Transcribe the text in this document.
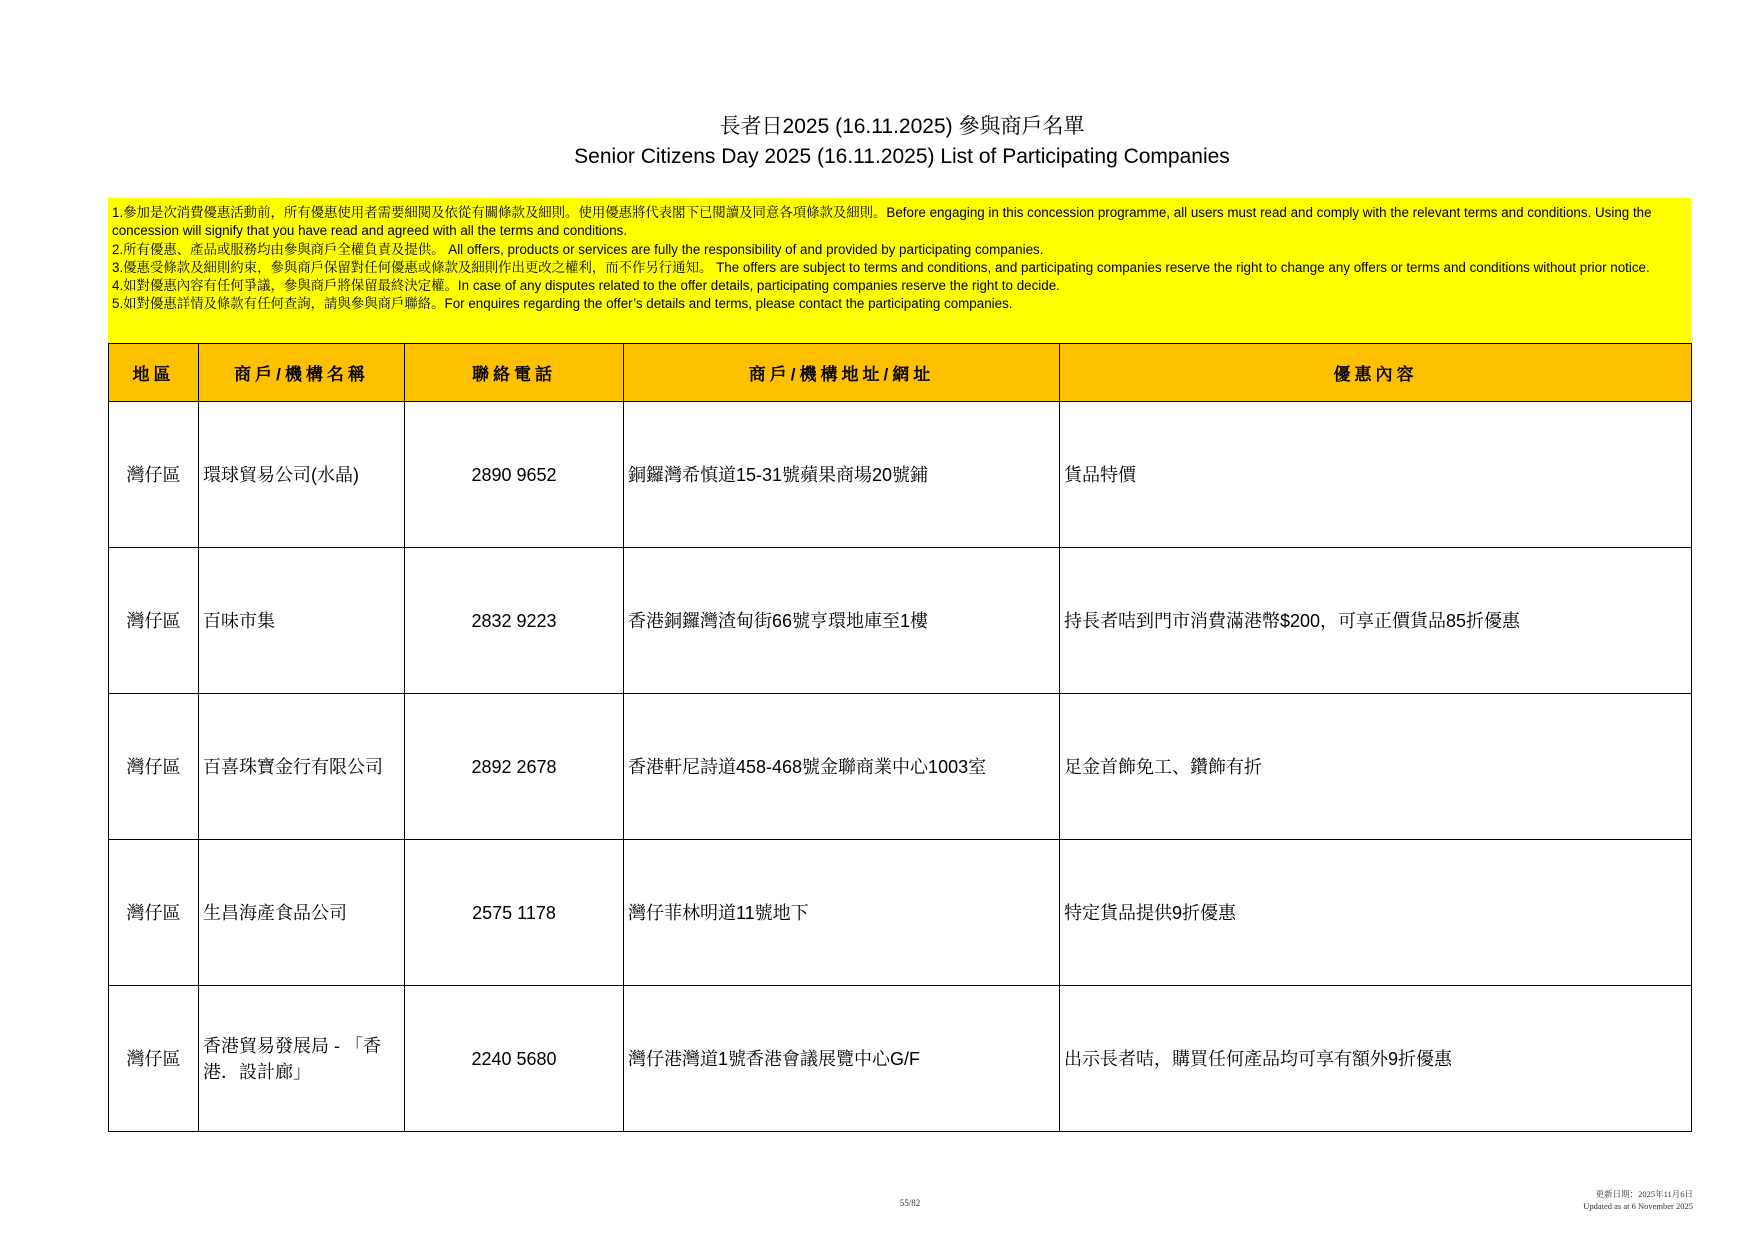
長者日2025 (16.11.2025) 參與商戶名單
Senior Citizens Day 2025 (16.11.2025) List of Participating Companies
1.參加是次消費優惠活動前，所有優惠使用者需要細閱及依從有關條款及細則。使用優惠將代表閣下已閱讀及同意各項條款及細則。Before engaging in this concession programme, all users must read and comply with the relevant terms and conditions. Using the concession will signify that you have read and agreed with all the terms and conditions.
2.所有優惠、產品或服務均由參與商戶全權負責及提供。 All offers, products or services are fully the responsibility of and provided by participating companies.
3.優惠受條款及細則約束，參與商戶保留對任何優惠或條款及細則作出更改之權利，而不作另行通知。 The offers are subject to terms and conditions, and participating companies reserve the right to change any offers or terms and conditions without prior notice.
4.如對優惠內容有任何爭議，參與商戶將保留最終決定權。In case of any disputes related to the offer details, participating companies reserve the right to decide.
5.如對優惠詳情及條款有任何查詢，請與參與商戶聯絡。For enquires regarding the offer’s details and terms, please contact the participating companies.
地區	商戶/機構名稱	聯絡電話	商戶/機構地址/網址	優惠內容
灣仔區	環球貿易公司(水晶)	2890 9652	銅鑼灣希慎道15-31號蘋果商場20號鋪	貨品特價
灣仔區	百味市集	2832 9223	香港銅鑼灣渣甸街66號亨環地庫至1樓	持長者咭到門市消費滿港幣$200，可享正價貨品85折優惠
灣仔區	百喜珠寶金行有限公司	2892 2678	香港軒尼詩道458-468號金聯商業中心1003室	足金首飾免工、鑽飾有折
灣仔區	生昌海產食品公司	2575 1178	灣仔菲林明道11號地下	特定貨品提供9折優惠
灣仔區	香港貿易發展局 - 「香港．設計廊」	2240 5680	灣仔港灣道1號香港會議展覽中心G/F	出示長者咭，購買任何產品均可享有額外9折優惠
55/82
更新日期：2025年11月6日
Updated as at 6 November 2025
